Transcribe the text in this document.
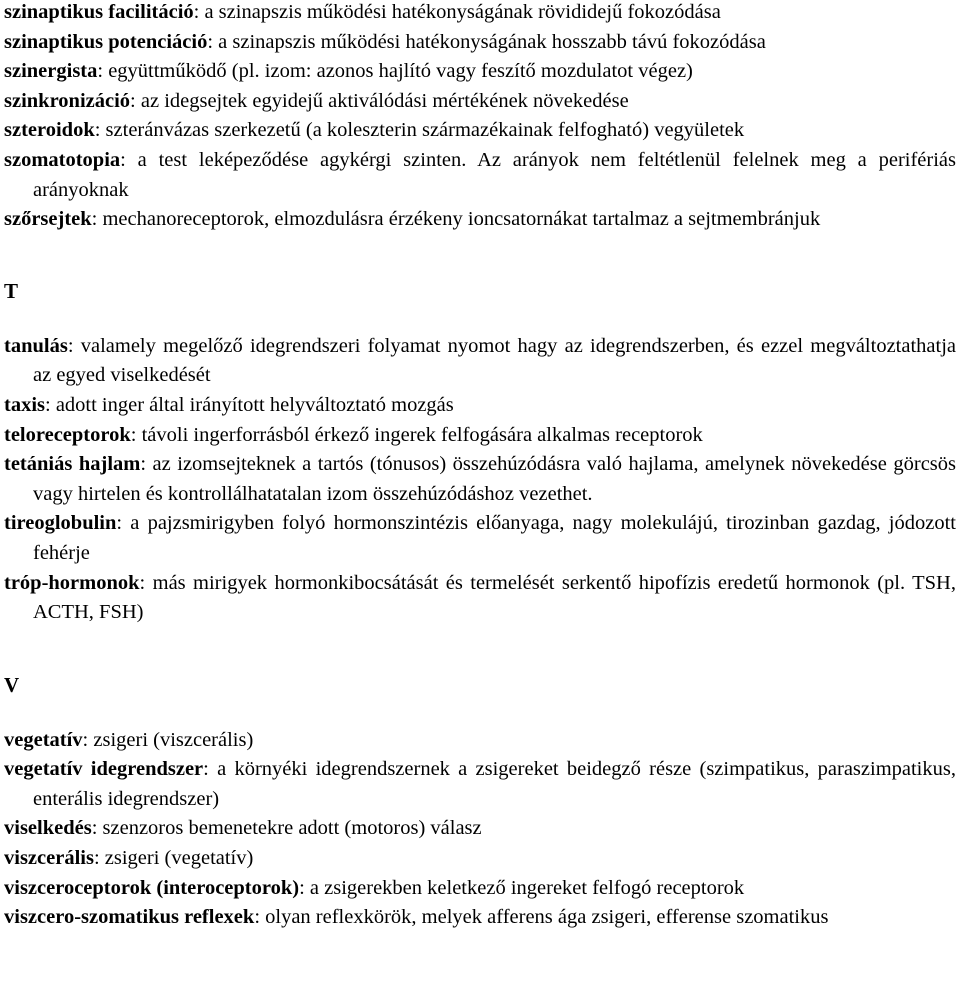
szinaptikus facilitáció: a szinapszis működési hatékonyságának rövididejű fokozódása

szinaptikus potenciáció: a szinapszis működési hatékonyságának hosszabb távú fokozódása

szinergista: együttműködő (pl. izom: azonos hajlító vagy feszítő mozdulatot végez)

szinkronizáció: az idegsejtek egyidejű aktiválódási mértékének növekedése

szteroidok: szteránvázas szerkezetű (a koleszterin származékainak felfogható) vegyületek

szomatotopia: a test leképeződése agykérgi szinten. Az arányok nem feltétlenül felelnek meg a perifériás arányoknak

szőrsejtek: mechanoreceptorok, elmozdulásra érzékeny ioncsatornákat tartalmaz a sejtmembránjuk

T

tanulás: valamely megelőző idegrendszeri folyamat nyomot hagy az idegrendszerben, és ezzel megváltoztathatja az egyed viselkedését

taxis: adott inger által irányított helyváltoztató mozgás

teloreceptorok: távoli ingerforrásból érkező ingerek felfogására alkalmas receptorok

tetániás hajlam: az izomsejteknek a tartós (tónusos) összehúzódásra való hajlama, amelynek növekedése görcsös vagy hirtelen és kontrollálhatatalan izom összehúzódáshoz vezethet.

tireoglobulin: a pajzsmirigyben folyó hormonszintézis előanyaga, nagy molekulájú, tirozinban gazdag, jódozott fehérje

tróp-hormonok: más mirigyek hormonkibocsátását és termelését serkentő hipofízis eredetű hormonok (pl. TSH, ACTH, FSH)

V

vegetatív: zsigeri (viszcerális)

vegetatív idegrendszer: a környéki idegrendszernek a zsigereket beidegző része (szimpatikus, paraszimpatikus, enterális idegrendszer)

viselkedés: szenzoros bemenetekre adott (motoros) válasz

viszcerális: zsigeri (vegetatív)

viszceroceptorok (interoceptorok): a zsigerekben keletkező ingereket felfogó receptorok

viszcero-szomatikus reflexek: olyan reflexkörök, melyek afferens ága zsigeri, efferense szomatikus
